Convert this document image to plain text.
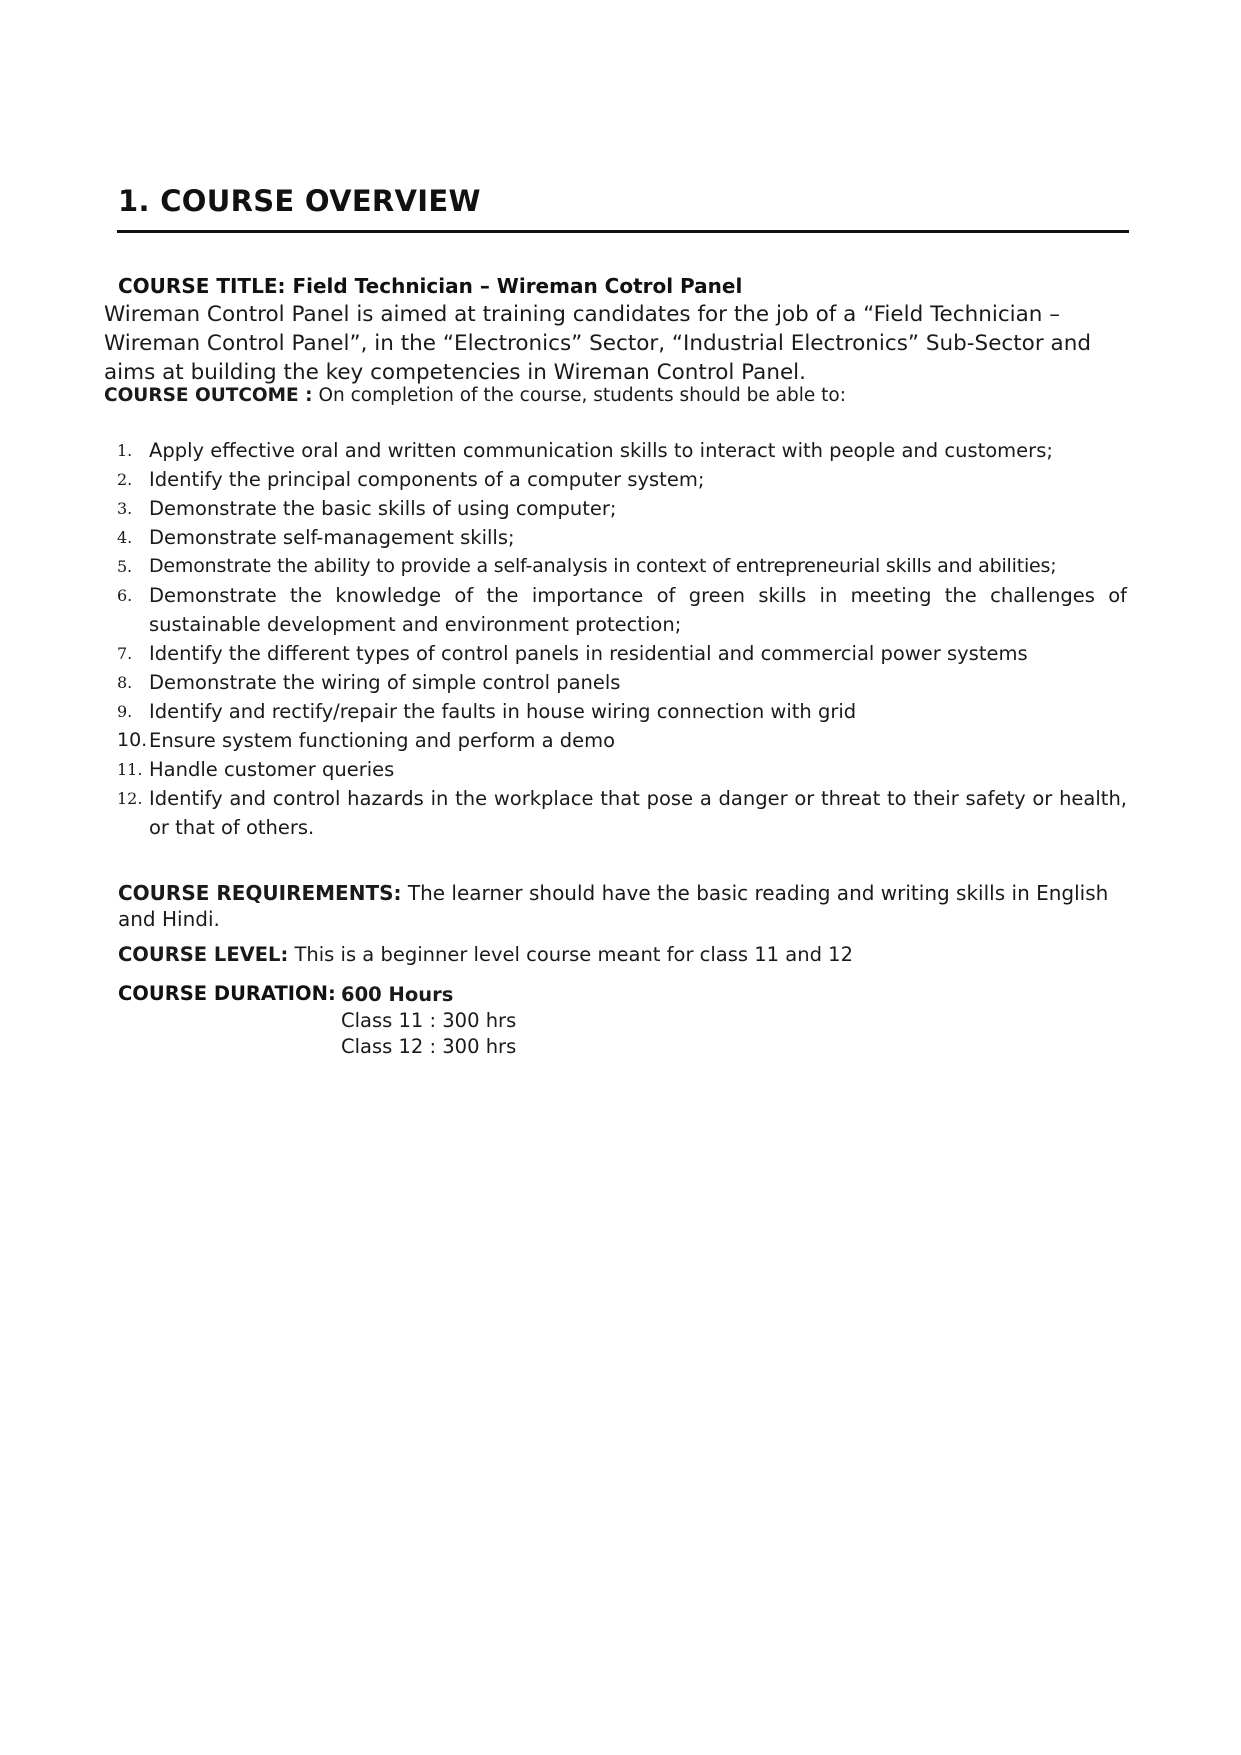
1. COURSE OVERVIEW
COURSE TITLE: Field Technician – Wireman Cotrol Panel

Wireman Control Panel is aimed at training candidates for the job of a “Field Technician – Wireman Control Panel”, in the “Electronics” Sector, “Industrial Electronics” Sub-Sector and aims at building the key competencies in Wireman Control Panel.

COURSE OUTCOME : On completion of the course, students should be able to:
1. Apply effective oral and written communication skills to interact with people and customers;
2. Identify the principal components of a computer system;
3. Demonstrate the basic skills of using computer;
4. Demonstrate self-management skills;
5. Demonstrate the ability to provide a self-analysis in context of entrepreneurial skills and abilities;
6. Demonstrate the knowledge of the importance of green skills in meeting the challenges of sustainable development and environment protection;
7. Identify the different types of control panels in residential and commercial power systems
8. Demonstrate the wiring of simple control panels
9. Identify and rectify/repair the faults in house wiring connection with grid
10. Ensure system functioning and perform a demo
11. Handle customer queries
12. Identify and control hazards in the workplace that pose a danger or threat to their safety or health, or that of others.

COURSE REQUIREMENTS: The learner should have the basic reading and writing skills in English and Hindi.

COURSE LEVEL: This is a beginner level course meant for class 11 and 12
COURSE DURATION: 600 Hours
Class 11 : 300 hrs
Class 12 : 300 hrs
